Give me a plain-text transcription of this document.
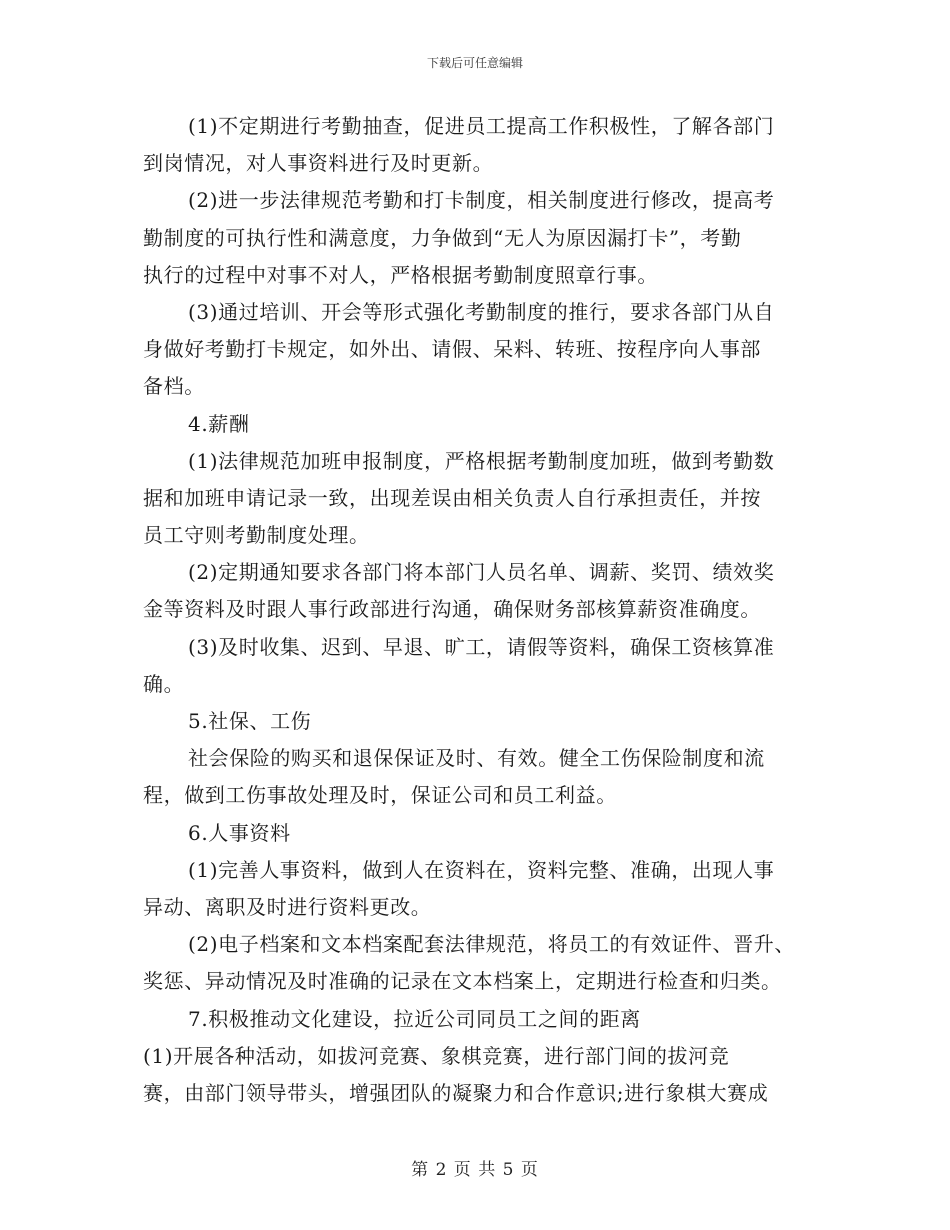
下载后可任意编辑
(1)不定期进行考勤抽查，促进员工提高工作积极性，了解各部门
到岗情况，对人事资料进行及时更新。
(2)进一步法律规范考勤和打卡制度，相关制度进行修改，提高考
勤制度的可执行性和满意度，力争做到“无人为原因漏打卡”，考勤
执行的过程中对事不对人，严格根据考勤制度照章行事。
(3)通过培训、开会等形式强化考勤制度的推行，要求各部门从自
身做好考勤打卡规定，如外出、请假、呆料、转班、按程序向人事部
备档。
4.薪酬
(1)法律规范加班申报制度，严格根据考勤制度加班，做到考勤数
据和加班申请记录一致，出现差误由相关负责人自行承担责任，并按
员工守则考勤制度处理。
(2)定期通知要求各部门将本部门人员名单、调薪、奖罚、绩效奖
金等资料及时跟人事行政部进行沟通，确保财务部核算薪资准确度。
(3)及时收集、迟到、早退、旷工，请假等资料，确保工资核算准
确。
5.社保、工伤
社会保险的购买和退保保证及时、有效。健全工伤保险制度和流
程，做到工伤事故处理及时，保证公司和员工利益。
6.人事资料
(1)完善人事资料，做到人在资料在，资料完整、准确，出现人事
异动、离职及时进行资料更改。
(2)电子档案和文本档案配套法律规范，将员工的有效证件、晋升、
奖惩、异动情况及时准确的记录在文本档案上，定期进行检查和归类。
7.积极推动文化建设，拉近公司同员工之间的距离
(1)开展各种活动，如拔河竞赛、象棋竞赛，进行部门间的拔河竞
赛，由部门领导带头，增强团队的凝聚力和合作意识;进行象棋大赛成
第 2 页 共 5 页
